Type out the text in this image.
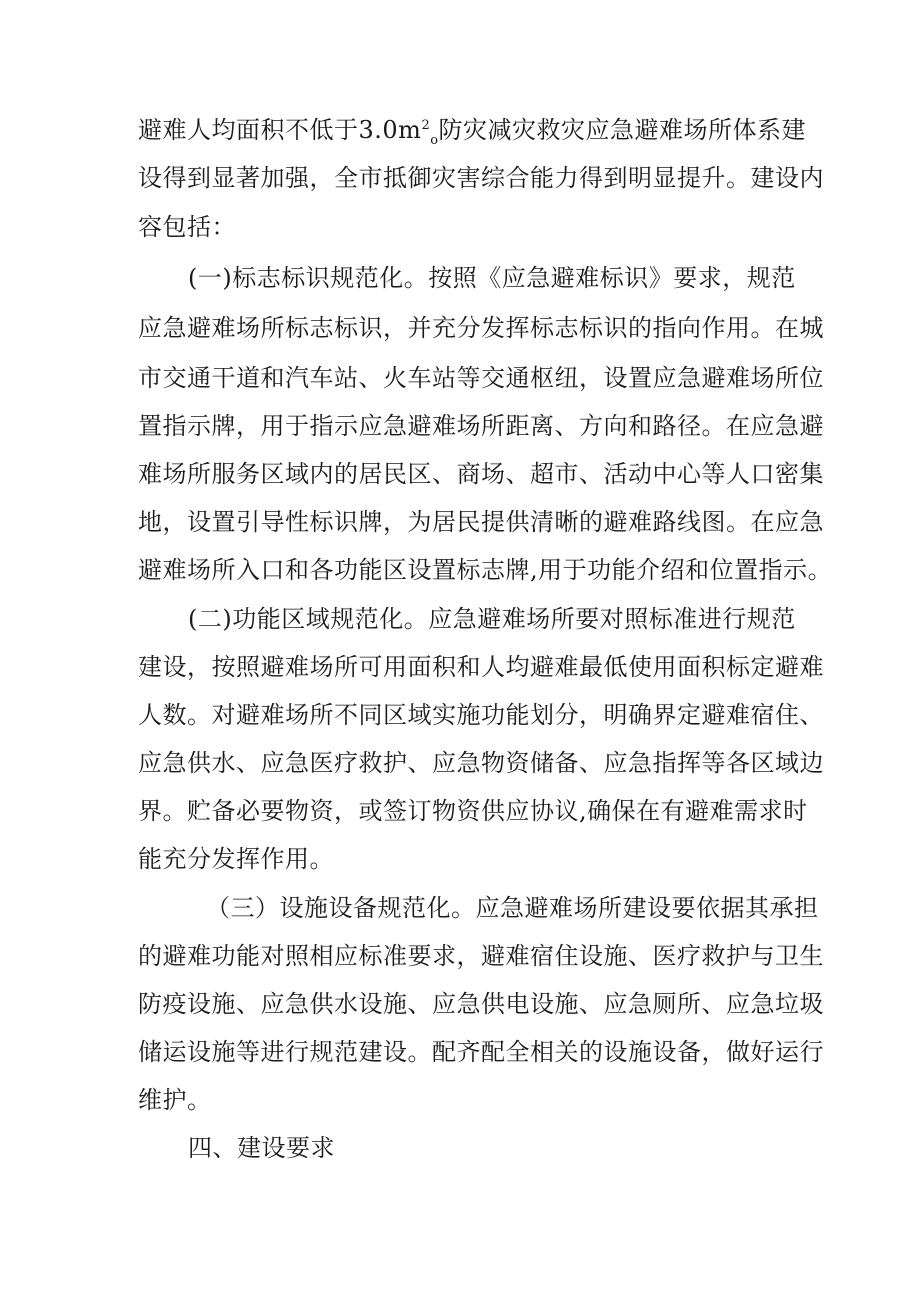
避难人均面积不低于$3.0m^2_o$防灾减灾救灾应急避难场所体系建
设得到显著加强，全市抵御灾害综合能力得到明显提升。建设内
容包括：
(一)标志标识规范化。按照《应急避难标识》要求，规范
应急避难场所标志标识，并充分发挥标志标识的指向作用。在城
市交通干道和汽车站、火车站等交通枢纽，设置应急避难场所位
置指示牌，用于指示应急避难场所距离、方向和路径。在应急避
难场所服务区域内的居民区、商场、超市、活动中心等人口密集
地，设置引导性标识牌，为居民提供清晰的避难路线图。在应急
避难场所入口和各功能区设置标志牌,用于功能介绍和位置指示。
(二)功能区域规范化。应急避难场所要对照标准进行规范
建设，按照避难场所可用面积和人均避难最低使用面积标定避难
人数。对避难场所不同区域实施功能划分，明确界定避难宿住、
应急供水、应急医疗救护、应急物资储备、应急指挥等各区域边
界。贮备必要物资，或签订物资供应协议,确保在有避难需求时
能充分发挥作用。
（三）设施设备规范化。应急避难场所建设要依据其承担
的避难功能对照相应标准要求，避难宿住设施、医疗救护与卫生
防疫设施、应急供水设施、应急供电设施、应急厕所、应急垃圾
储运设施等进行规范建设。配齐配全相关的设施设备，做好运行
维护。
四、建设要求
